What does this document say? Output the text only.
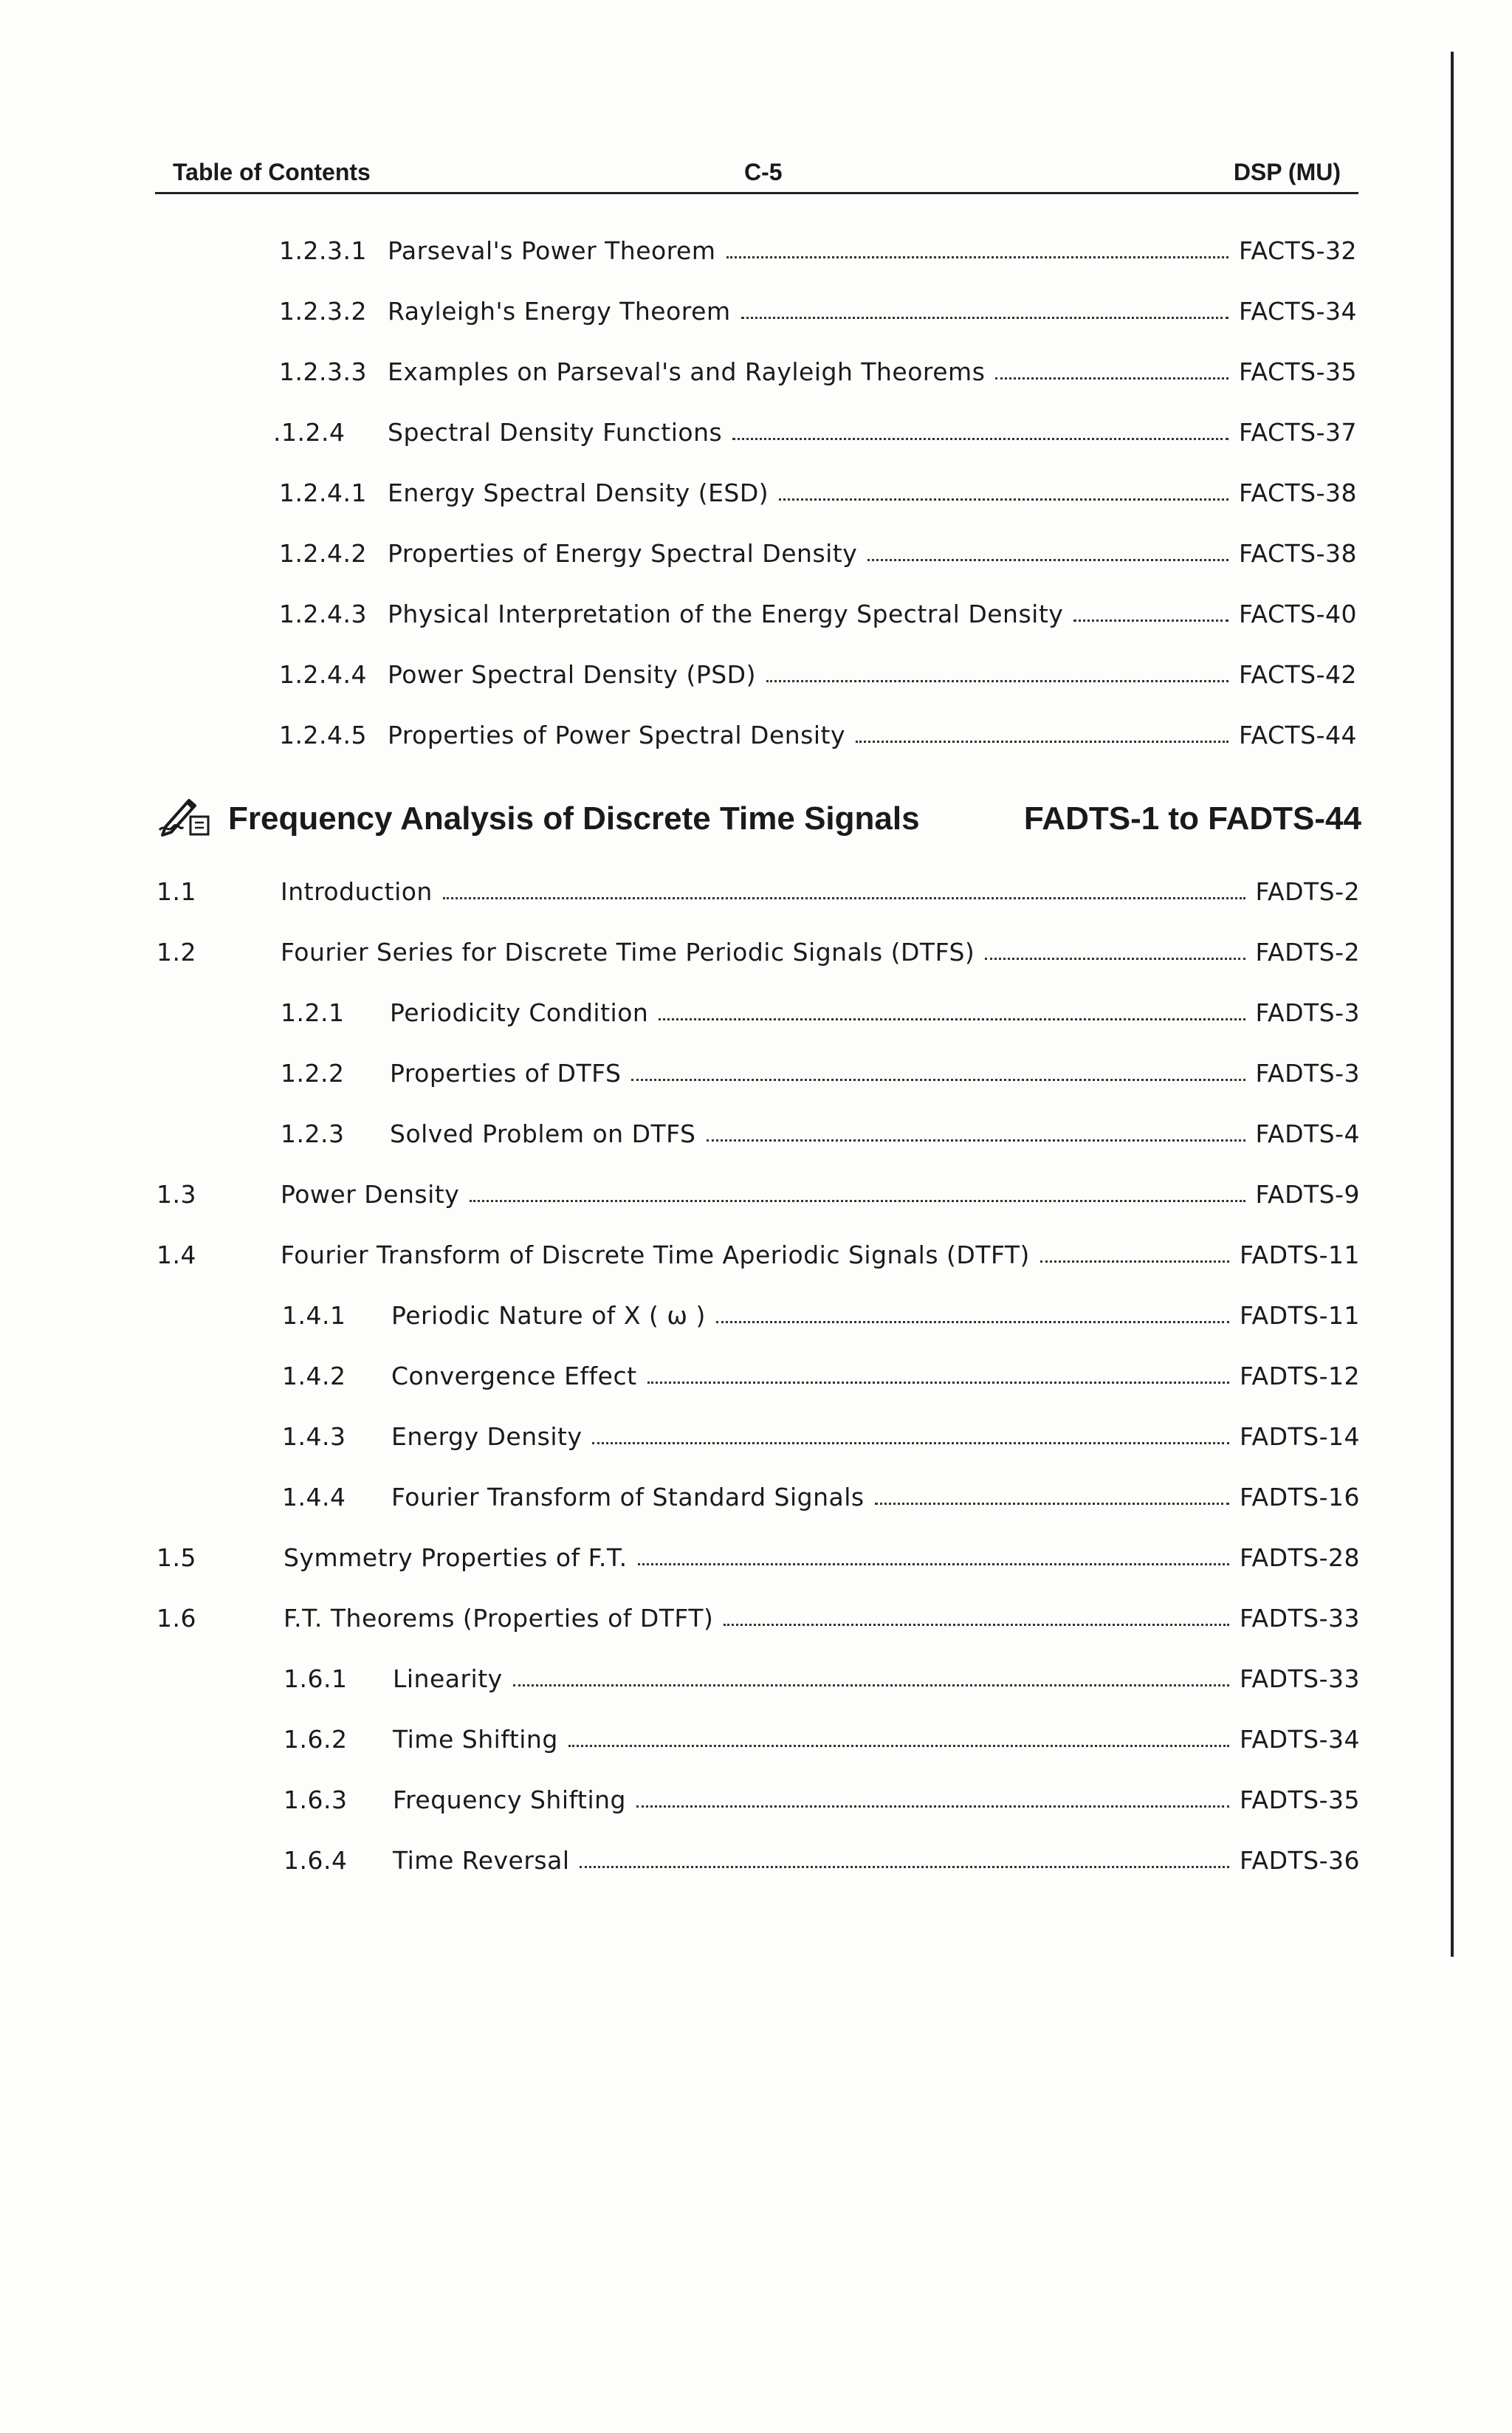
Table of Contents	C-5	DSP (MU)
1.2.3.1 Parseval's Power Theorem	FACTS-32
1.2.3.2 Rayleigh's Energy Theorem	FACTS-34
1.2.3.3 Examples on Parseval's and Rayleigh Theorems	FACTS-35
.1.2.4 Spectral Density Functions	FACTS-37
1.2.4.1 Energy Spectral Density (ESD)	FACTS-38
1.2.4.2 Properties of Energy Spectral Density	FACTS-38
1.2.4.3 Physical Interpretation of the Energy Spectral Density	FACTS-40
1.2.4.4 Power Spectral Density (PSD)	FACTS-42
1.2.4.5 Properties of Power Spectral Density	FACTS-44
Frequency Analysis of Discrete Time Signals	FADTS-1 to FADTS-44
1.1	Introduction	FADTS-2
1.2	Fourier Series for Discrete Time Periodic Signals (DTFS)	FADTS-2
1.2.1 Periodicity Condition	FADTS-3
1.2.2 Properties of DTFS	FADTS-3
1.2.3 Solved Problem on DTFS	FADTS-4
1.3	Power Density	FADTS-9
1.4	Fourier Transform of Discrete Time Aperiodic Signals (DTFT)	FADTS-11
1.4.1 Periodic Nature of X ( ω )	FADTS-11
1.4.2 Convergence Effect	FADTS-12
1.4.3 Energy Density	FADTS-14
1.4.4 Fourier Transform of Standard Signals	FADTS-16
1.5	Symmetry Properties of F.T.	FADTS-28
1.6	F.T. Theorems (Properties of DTFT)	FADTS-33
1.6.1 Linearity	FADTS-33
1.6.2 Time Shifting	FADTS-34
1.6.3 Frequency Shifting	FADTS-35
1.6.4 Time Reversal	FADTS-36
